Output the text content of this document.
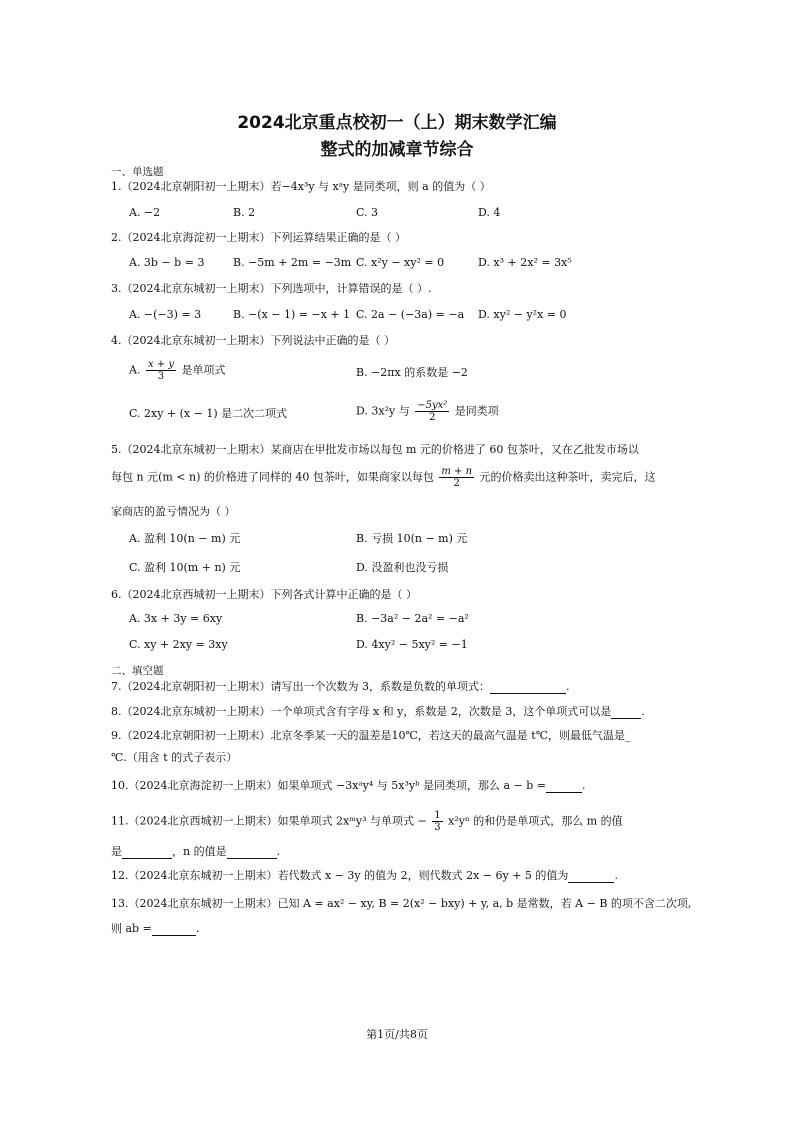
2024北京重点校初一（上）期末数学汇编
整式的加减章节综合
一、单选题
1.（2024北京朝阳初一上期末）若−4x³y 与 xᵃy 是同类项，则 a 的值为（ ）
A. −2	B. 2	C. 3	D. 4
2.（2024北京海淀初一上期末）下列运算结果正确的是（ ）
A. 3b − b = 3	B. −5m + 2m = −3m C. x²y − xy² = 0	D. x³ + 2x² = 3x⁵
3.（2024北京东城初一上期末）下列选项中，计算错误的是（ ）.
A. −(−3) = 3	B. −(x − 1) = −x + 1 C. 2a − (−3a) = −a D. xy² − y²x = 0
4.（2024北京东城初一上期末）下列说法中正确的是（ ）
A. $\frac{x + y}{3}$ 是单项式	B. −2πx 的系数是 −2
C. 2xy + (x − 1) 是二次二项式	D. 3x²y 与 $\frac{\text{−5yx²}}{2}$ 是同类项
5.（2024北京东城初一上期末）某商店在甲批发市场以每包 m 元的价格进了 60 包茶叶，又在乙批发市场以
每包 n 元(m < n) 的价格进了同样的 40 包茶叶，如果商家以每包 $\frac{m + n}{2}$ 元的价格卖出这种茶叶，卖完后，这
家商店的盈亏情况为（ ）
A. 盈利 10(n − m) 元	B. 亏损 10(n − m) 元
C. 盈利 10(m + n) 元	D. 没盈利也没亏损
6.（2024北京西城初一上期末）下列各式计算中正确的是（ ）
A. 3x + 3y = 6xy	B. −3a² − 2a² = −a²
C. xy + 2xy = 3xy	D. 4xy² − 5xy² = −1
二、填空题
7.（2024北京朝阳初一上期末）请写出一个次数为 3，系数是负数的单项式：	.
8.（2024北京东城初一上期末）一个单项式含有字母 x 和 y，系数是 2，次数是 3，这个单项式可以是	.
9.（2024北京朝阳初一上期末）北京冬季某一天的温差是10℃，若这天的最高气温是 t℃，则最低气温是_
℃.（用含 t 的式子表示）
10.（2024北京海淀初一上期末）如果单项式 −3xᵃy⁴ 与 5x³yᵇ 是同类项，那么 a − b =	.
11.（2024北京西城初一上期末）如果单项式 2xᵐy³ 与单项式 − $\frac{1}{3} x^2y^n$ 的和仍是单项式，那么 m 的值
是	，n 的值是	.
12.（2024北京东城初一上期末）若代数式 x − 3y 的值为 2，则代数式 2x − 6y + 5 的值为	.
13.（2024北京东城初一上期末）已知 A = ax² − xy, B = 2(x² − bxy) + y, a, b 是常数，若 A − B 的项不含二次项,
则 ab =	.
第1页/共8页
